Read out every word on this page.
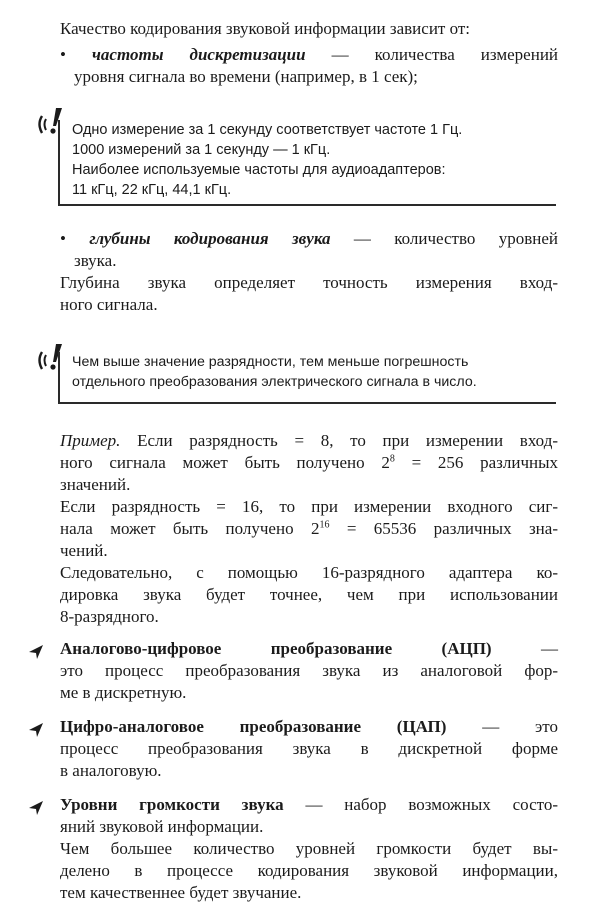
Качество кодирования звуковой информации зависит от:

• частоты дискретизации — количества измерений

уровня сигнала во времени (например, в 1 сек);

Одно измерение за 1 секунду соответствует частоте 1 Гц.

1000 измерений за 1 секунду — 1 кГц.

Наиболее используемые частоты для аудиоадаптеров:

11 кГц, 22 кГц, 44,1 кГц.

• глубины кодирования звука — количество уровней

звука.

Глубина звука определяет точность измерения вход-

ного сигнала.

Чем выше значение разрядности, тем меньше погрешность

отдельного преобразования электрического сигнала в число.

Пример. Если разрядность = 8, то при измерении вход-

ного сигнала может быть получено $2^8 = 256$ различных

значений.

Если разрядность = 16, то при измерении входного сиг-

нала может быть получено $2^{16} = 65536$ различных зна-

чений.

Следовательно, с помощью 16-разрядного адаптера ко-

дировка звука будет точнее, чем при использовании

8-разрядного.

Аналогово-цифровое преобразование (АЦП) —

это процесс преобразования звука из аналоговой фор-

ме в дискретную.

Цифро-аналоговое преобразование (ЦАП) — это

процесс преобразования звука в дискретной форме

в аналоговую.

Уровни громкости звука — набор возможных состо-

яний звуковой информации.

Чем большее количество уровней громкости будет вы-

делено в процессе кодирования звуковой информации,

тем качественнее будет звучание.
